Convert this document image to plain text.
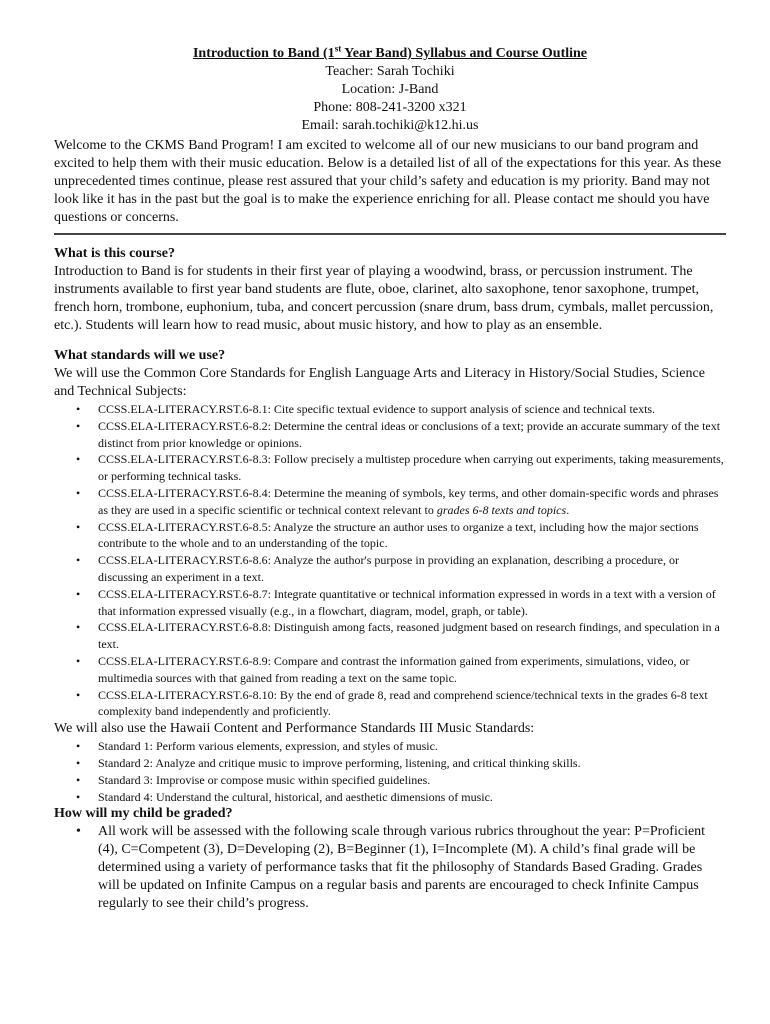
Introduction to Band (1st Year Band) Syllabus and Course Outline
Teacher: Sarah Tochiki
Location: J-Band
Phone: 808-241-3200 x321
Email: sarah.tochiki@k12.hi.us

Welcome to the CKMS Band Program! I am excited to welcome all of our new musicians to our band program and excited to help them with their music education. Below is a detailed list of all of the expectations for this year. As these unprecedented times continue, please rest assured that your child’s safety and education is my priority. Band may not look like it has in the past but the goal is to make the experience enriching for all. Please contact me should you have questions or concerns.

What is this course?

Introduction to Band is for students in their first year of playing a woodwind, brass, or percussion instrument. The instruments available to first year band students are flute, oboe, clarinet, alto saxophone, tenor saxophone, trumpet, french horn, trombone, euphonium, tuba, and concert percussion (snare drum, bass drum, cymbals, mallet percussion, etc.). Students will learn how to read music, about music history, and how to play as an ensemble.

What standards will we use?

We will use the Common Core Standards for English Language Arts and Literacy in History/Social Studies, Science and Technical Subjects:

• CCSS.ELA-LITERACY.RST.6-8.1: Cite specific textual evidence to support analysis of science and technical texts.
• CCSS.ELA-LITERACY.RST.6-8.2: Determine the central ideas or conclusions of a text; provide an accurate summary of the text distinct from prior knowledge or opinions.
• CCSS.ELA-LITERACY.RST.6-8.3: Follow precisely a multistep procedure when carrying out experiments, taking measurements, or performing technical tasks.
• CCSS.ELA-LITERACY.RST.6-8.4: Determine the meaning of symbols, key terms, and other domain-specific words and phrases as they are used in a specific scientific or technical context relevant to grades 6-8 texts and topics.
• CCSS.ELA-LITERACY.RST.6-8.5: Analyze the structure an author uses to organize a text, including how the major sections contribute to the whole and to an understanding of the topic.
• CCSS.ELA-LITERACY.RST.6-8.6: Analyze the author's purpose in providing an explanation, describing a procedure, or discussing an experiment in a text.
• CCSS.ELA-LITERACY.RST.6-8.7: Integrate quantitative or technical information expressed in words in a text with a version of that information expressed visually (e.g., in a flowchart, diagram, model, graph, or table).
• CCSS.ELA-LITERACY.RST.6-8.8: Distinguish among facts, reasoned judgment based on research findings, and speculation in a text.
• CCSS.ELA-LITERACY.RST.6-8.9: Compare and contrast the information gained from experiments, simulations, video, or multimedia sources with that gained from reading a text on the same topic.
• CCSS.ELA-LITERACY.RST.6-8.10: By the end of grade 8, read and comprehend science/technical texts in the grades 6-8 text complexity band independently and proficiently.

We will also use the Hawaii Content and Performance Standards III Music Standards:

• Standard 1: Perform various elements, expression, and styles of music.
• Standard 2: Analyze and critique music to improve performing, listening, and critical thinking skills.
• Standard 3: Improvise or compose music within specified guidelines.
• Standard 4: Understand the cultural, historical, and aesthetic dimensions of music.
How will my child be graded?
• All work will be assessed with the following scale through various rubrics throughout the year: P=Proficient (4), C=Competent (3), D=Developing (2), B=Beginner (1), I=Incomplete (M). A child’s final grade will be determined using a variety of performance tasks that fit the philosophy of Standards Based Grading. Grades will be updated on Infinite Campus on a regular basis and parents are encouraged to check Infinite Campus regularly to see their child’s progress.
